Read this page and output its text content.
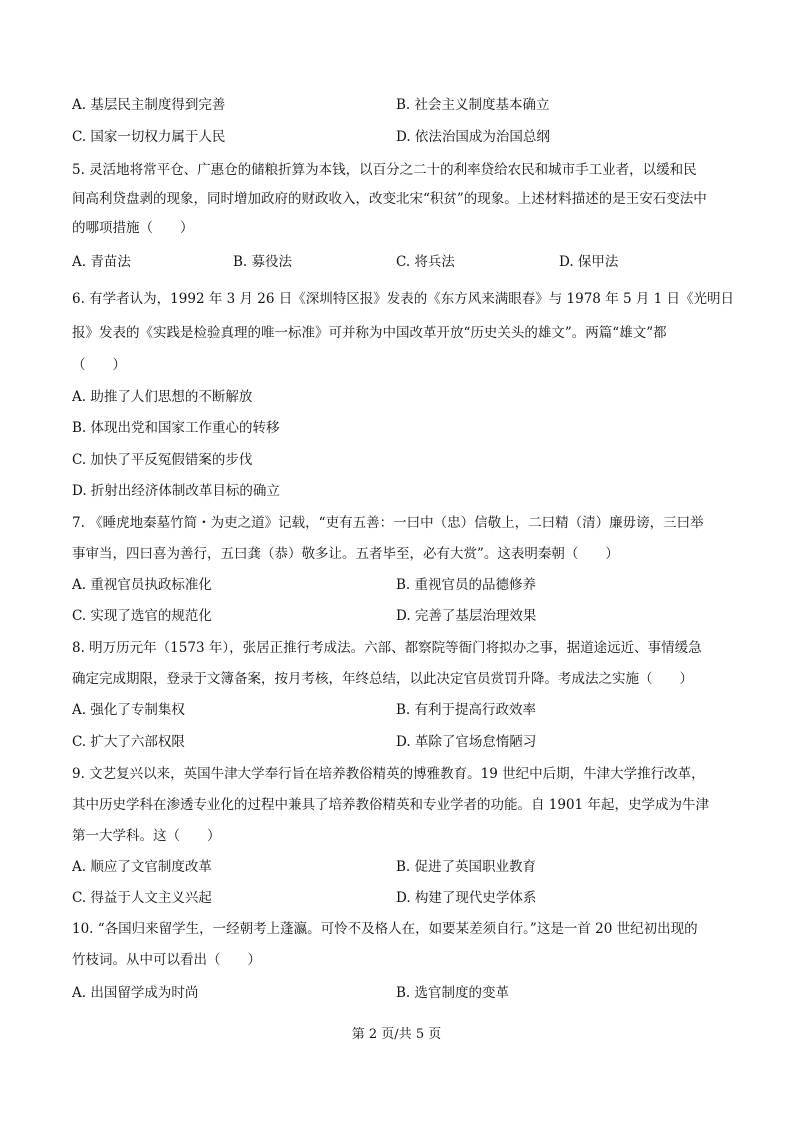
A. 基层民主制度得到完善	B. 社会主义制度基本确立
C. 国家一切权力属于人民	D. 依法治国成为治国总纲
5. 灵活地将常平仓、广惠仓的储粮折算为本钱，以百分之二十的利率贷给农民和城市手工业者，以缓和民
间高利贷盘剥的现象，同时增加政府的财政收入，改变北宋“积贫”的现象。上述材料描述的是王安石变法中
的哪项措施（　　）
A. 青苗法	B. 募役法	C. 将兵法	D. 保甲法
6. 有学者认为，1992 年 3 月 26 日《深圳特区报》发表的《东方风来满眼春》与 1978 年 5 月 1 日《光明日
报》发表的《实践是检验真理的唯一标准》可并称为中国改革开放“历史关头的雄文”。两篇“雄文”都
（　　）
A. 助推了人们思想的不断解放
B. 体现出党和国家工作重心的转移
C. 加快了平反冤假错案的步伐
D. 折射出经济体制改革目标的确立
7. 《睡虎地秦墓竹简・为吏之道》记载，“吏有五善：一曰中（忠）信敬上，二曰精（清）廉毋谤，三曰举
事审当，四曰喜为善行，五曰龚（恭）敬多让。五者毕至，必有大赏”。这表明秦朝（　　）
A. 重视官员执政标准化	B. 重视官员的品德修养
C. 实现了选官的规范化	D. 完善了基层治理效果
8. 明万历元年（1573 年），张居正推行考成法。六部、都察院等衙门将拟办之事，据道途远近、事情缓急
确定完成期限，登录于文簿备案，按月考核，年终总结，以此决定官员赏罚升降。考成法之实施（　　）
A. 强化了专制集权	B. 有利于提高行政效率
C. 扩大了六部权限	D. 革除了官场怠惰陋习
9. 文艺复兴以来，英国牛津大学奉行旨在培养教俗精英的博雅教育。19 世纪中后期，牛津大学推行改革，
其中历史学科在渗透专业化的过程中兼具了培养教俗精英和专业学者的功能。自 1901 年起，史学成为牛津
第一大学科。这（　　）
A. 顺应了文官制度改革	B. 促进了英国职业教育
C. 得益于人文主义兴起	D. 构建了现代史学体系
10. “各国归来留学生，一经朝考上蓬瀛。可怜不及格人在，如要某差须自行。”这是一首 20 世纪初出现的
竹枝词。从中可以看出（　　）
A. 出国留学成为时尚	B. 选官制度的变革
第 2 页/共 5 页
